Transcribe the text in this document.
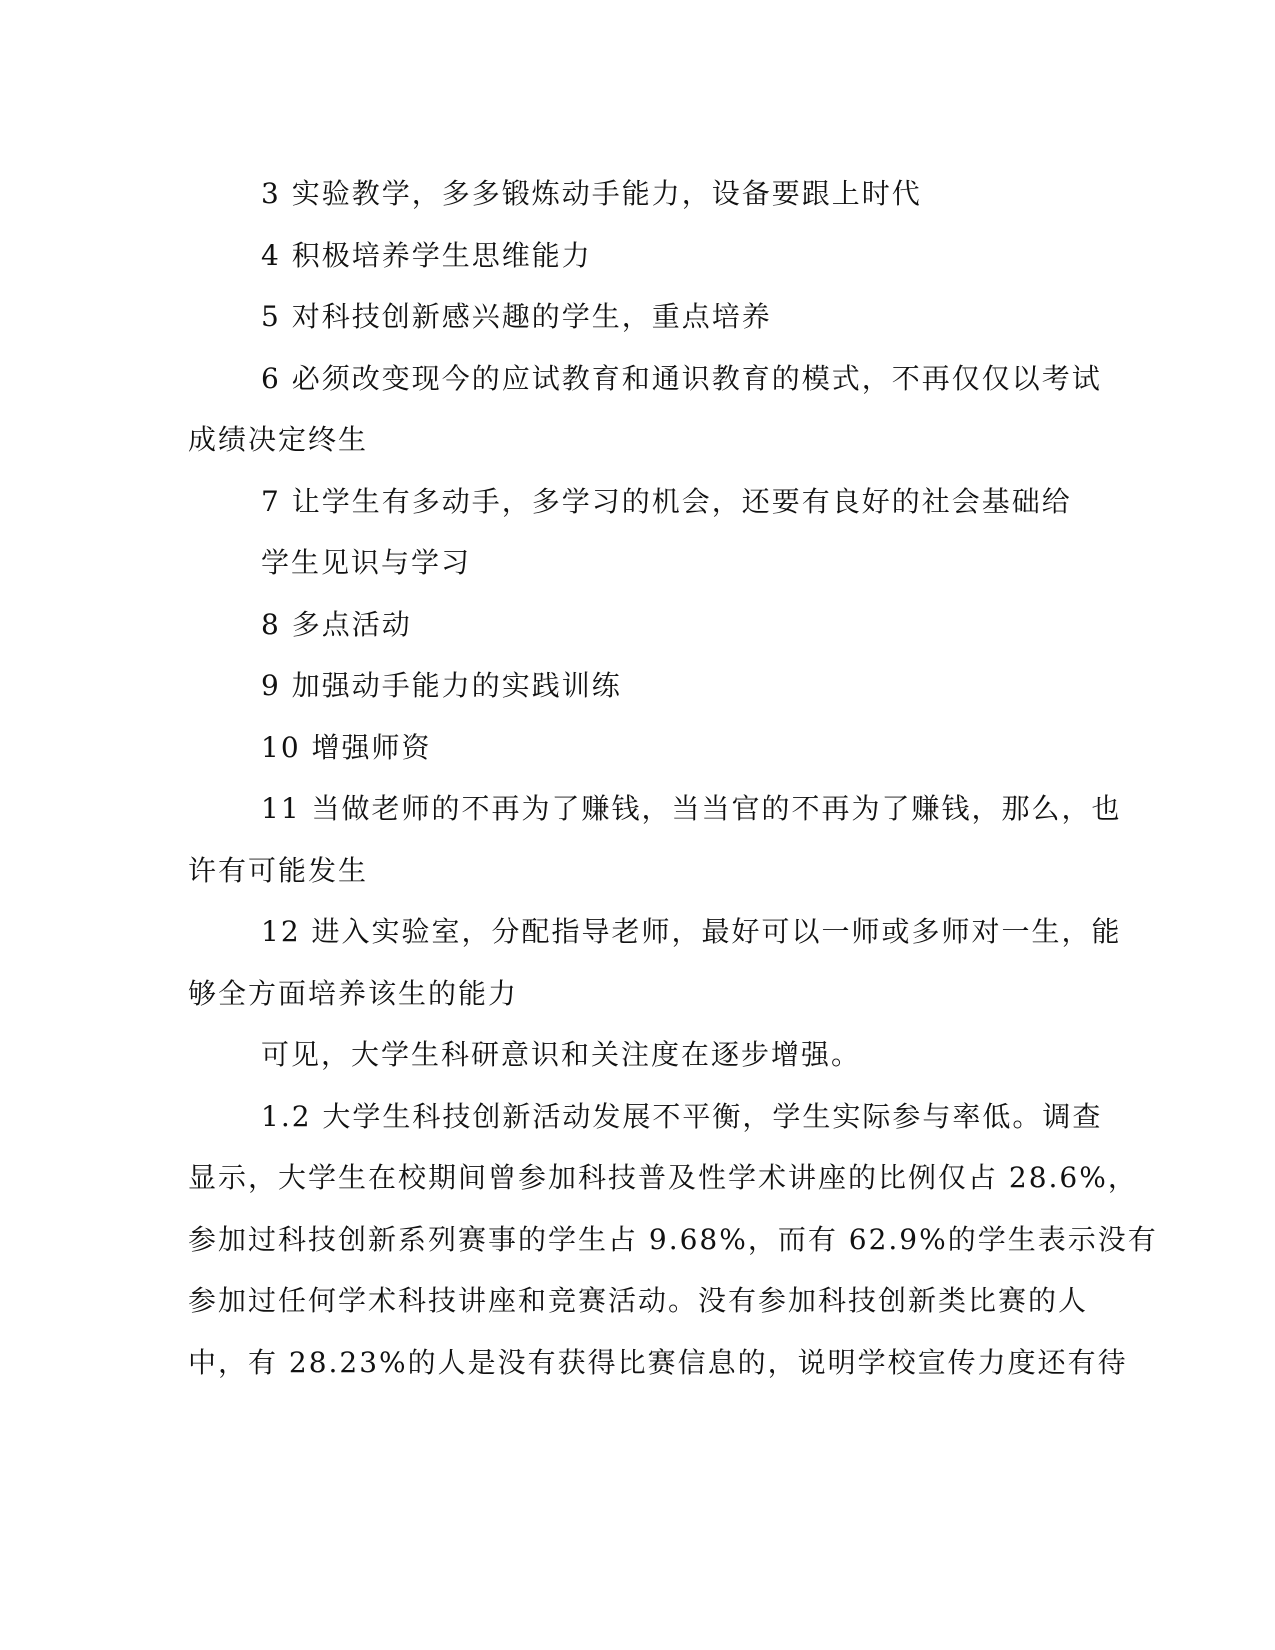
3 实验教学，多多锻炼动手能力，设备要跟上时代
4 积极培养学生思维能力
5 对科技创新感兴趣的学生，重点培养
6 必须改变现今的应试教育和通识教育的模式，不再仅仅以考试
成绩决定终生
7 让学生有多动手，多学习的机会，还要有良好的社会基础给
学生见识与学习
8 多点活动
9 加强动手能力的实践训练
10 增强师资
11 当做老师的不再为了赚钱，当当官的不再为了赚钱，那么，也
许有可能发生
12 进入实验室，分配指导老师，最好可以一师或多师对一生，能
够全方面培养该生的能力
可见，大学生科研意识和关注度在逐步增强。
1.2 大学生科技创新活动发展不平衡，学生实际参与率低。调查
显示，大学生在校期间曾参加科技普及性学术讲座的比例仅占 28.6%，
参加过科技创新系列赛事的学生占 9.68%，而有 62.9%的学生表示没有
参加过任何学术科技讲座和竞赛活动。没有参加科技创新类比赛的人
中，有 28.23%的人是没有获得比赛信息的，说明学校宣传力度还有待
